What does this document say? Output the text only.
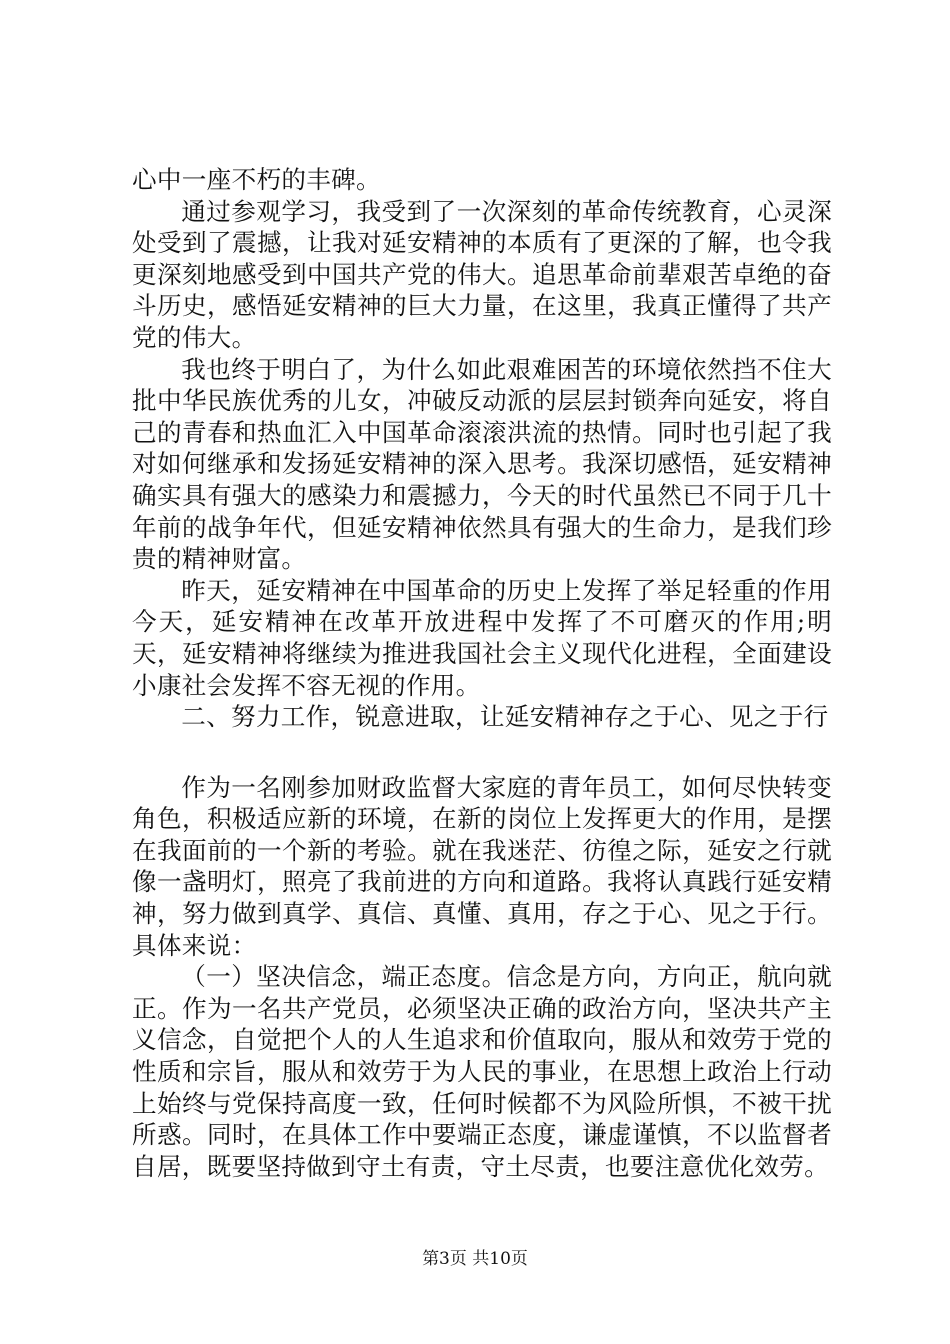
心中一座不朽的丰碑。

通过参观学习，我受到了一次深刻的革命传统教育，心灵深处受到了震撼，让我对延安精神的本质有了更深的了解，也令我更深刻地感受到中国共产党的伟大。追思革命前辈艰苦卓绝的奋斗历史，感悟延安精神的巨大力量，在这里，我真正懂得了共产党的伟大。

我也终于明白了，为什么如此艰难困苦的环境依然挡不住大批中华民族优秀的儿女，冲破反动派的层层封锁奔向延安，将自己的青春和热血汇入中国革命滚滚洪流的热情。同时也引起了我对如何继承和发扬延安精神的深入思考。我深切感悟，延安精神确实具有强大的感染力和震撼力，今天的时代虽然已不同于几十年前的战争年代，但延安精神依然具有强大的生命力，是我们珍贵的精神财富。

昨天，延安精神在中国革命的历史上发挥了举足轻重的作用今天，延安精神在改革开放进程中发挥了不可磨灭的作用;明天，延安精神将继续为推进我国社会主义现代化进程，全面建设小康社会发挥不容无视的作用。

二、努力工作，锐意进取，让延安精神存之于心、见之于行

作为一名刚参加财政监督大家庭的青年员工，如何尽快转变角色，积极适应新的环境，在新的岗位上发挥更大的作用，是摆在我面前的一个新的考验。就在我迷茫、彷徨之际，延安之行就像一盏明灯，照亮了我前进的方向和道路。我将认真践行延安精神，努力做到真学、真信、真懂、真用，存之于心、见之于行。具体来说：

（一）坚决信念，端正态度。信念是方向，方向正，航向就正。作为一名共产党员，必须坚决正确的政治方向，坚决共产主义信念，自觉把个人的人生追求和价值取向，服从和效劳于党的性质和宗旨，服从和效劳于为人民的事业，在思想上政治上行动上始终与党保持高度一致，任何时候都不为风险所惧，不被干扰所惑。同时，在具体工作中要端正态度，谦虚谨慎，不以监督者自居，既要坚持做到守土有责，守土尽责，也要注意优化效劳。

第3页 共10页
